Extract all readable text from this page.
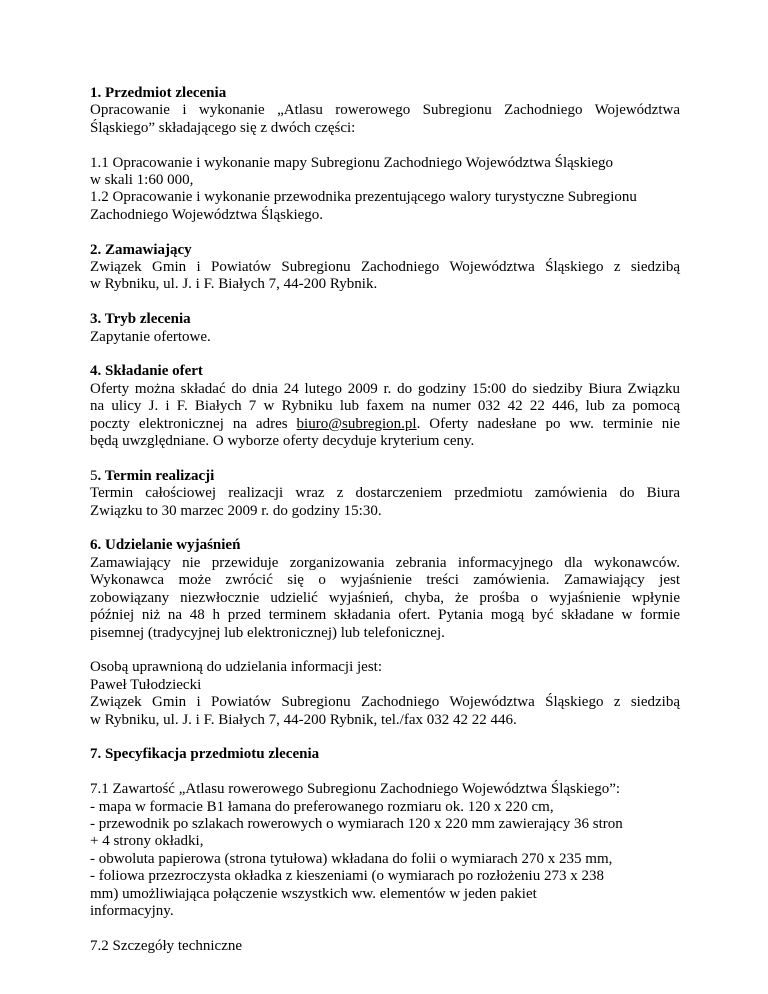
1. Przedmiot zlecenia
Opracowanie i wykonanie „Atlasu rowerowego Subregionu Zachodniego Województwa
Śląskiego” składającego się z dwóch części:
1.1 Opracowanie i wykonanie mapy Subregionu Zachodniego Województwa Śląskiego
w skali 1:60 000,
1.2 Opracowanie i wykonanie przewodnika prezentującego walory turystyczne Subregionu
Zachodniego Województwa Śląskiego.
2. Zamawiający
Związek Gmin i Powiatów Subregionu Zachodniego Województwa Śląskiego z siedzibą
w Rybniku, ul. J. i F. Białych 7, 44-200 Rybnik.
3. Tryb zlecenia
Zapytanie ofertowe.
4. Składanie ofert
Oferty można składać do dnia 24 lutego 2009 r. do godziny 15:00 do siedziby Biura Związku
na ulicy J. i F. Białych 7 w Rybniku lub faxem na numer 032 42 22 446, lub za pomocą
poczty elektronicznej na adres biuro@subregion.pl. Oferty nadesłane po ww. terminie nie
będą uwzględniane. O wyborze oferty decyduje kryterium ceny.
5. Termin realizacji
Termin całościowej realizacji wraz z dostarczeniem przedmiotu zamówienia do Biura
Związku to 30 marzec 2009 r. do godziny 15:30.
6. Udzielanie wyjaśnień
Zamawiający nie przewiduje zorganizowania zebrania informacyjnego dla wykonawców.
Wykonawca może zwrócić się o wyjaśnienie treści zamówienia. Zamawiający jest
zobowiązany niezwłocznie udzielić wyjaśnień, chyba, że prośba o wyjaśnienie wpłynie
później niż na 48 h przed terminem składania ofert. Pytania mogą być składane w formie
pisemnej (tradycyjnej lub elektronicznej) lub telefonicznej.
Osobą uprawnioną do udzielania informacji jest:
Paweł Tułodziecki
Związek Gmin i Powiatów Subregionu Zachodniego Województwa Śląskiego z siedzibą
w Rybniku, ul. J. i F. Białych 7, 44-200 Rybnik, tel./fax 032 42 22 446.
7. Specyfikacja przedmiotu zlecenia
7.1 Zawartość „Atlasu rowerowego Subregionu Zachodniego Województwa Śląskiego”:
- mapa w formacie B1 łamana do preferowanego rozmiaru ok. 120 x 220 cm,
- przewodnik po szlakach rowerowych o wymiarach 120 x 220 mm zawierający 36 stron
+ 4 strony okładki,
- obwoluta papierowa (strona tytułowa) wkładana do folii o wymiarach 270 x 235 mm,
- foliowa przezroczysta okładka z kieszeniami (o wymiarach po rozłożeniu 273 x 238
mm) umożliwiająca połączenie wszystkich ww. elementów w jeden pakiet
informacyjny.
7.2 Szczegóły techniczne
